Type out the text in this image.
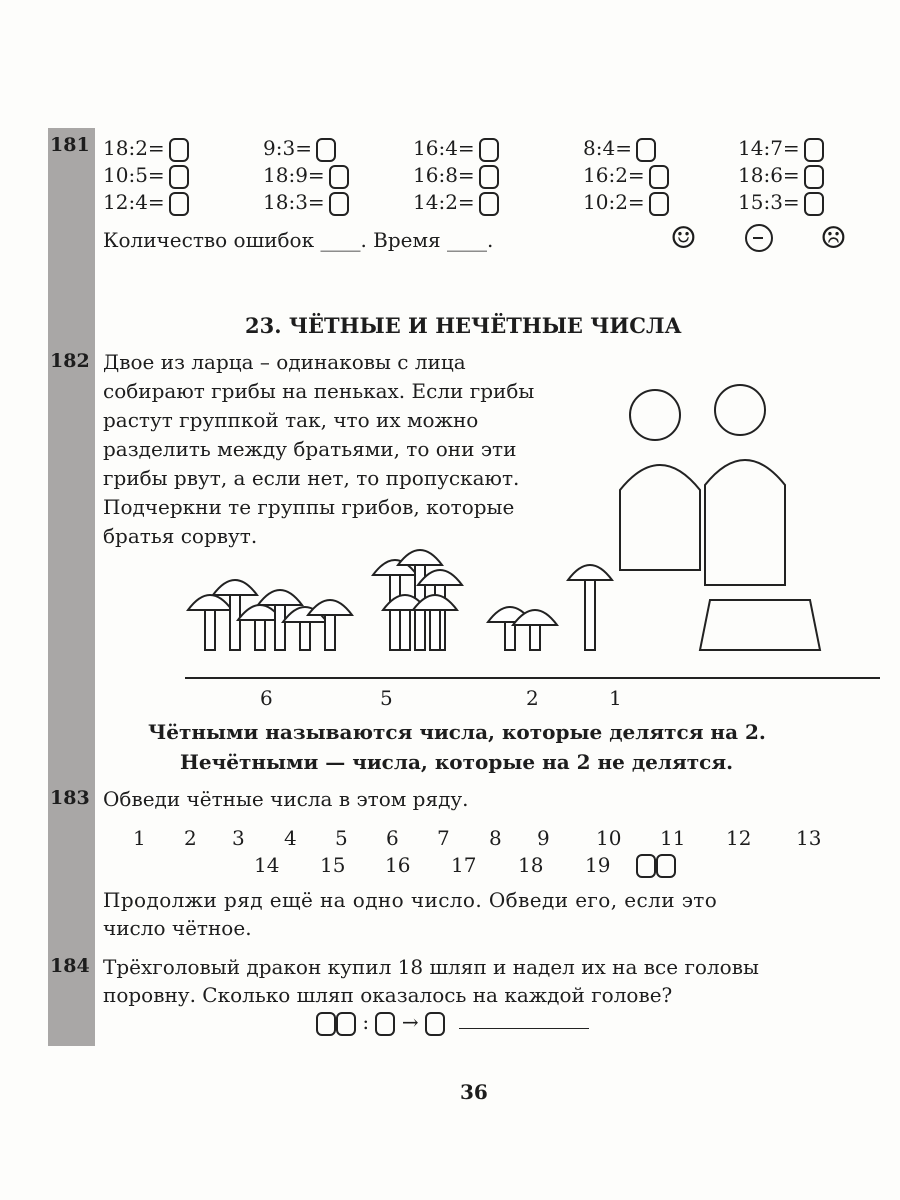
181 18:2=	9:3=	16:4=	8:4=	14:7=
10:5=	18:9=	16:8=	16:2=	18:6=
12:4=	18:3=	14:2=	10:2=	15:3=
Количество ошибок ____. Время ____.	☺	☹
23. ЧЁТНЫЕ И НЕЧЁТНЫЕ ЧИСЛА
182 Двое из ларца – одинаковы с лица
собирают грибы на пеньках. Если грибы
растут группкой так, что их можно
разделить между братьями, то они эти
грибы рвут, а если нет, то пропускают.
Подчеркни те группы грибов, которые
братья сорвут.
6	5	2	1
Чётными называются числа, которые делятся на 2.
Нечётными — числа, которые на 2 не делятся.
183 Обведи чётные числа в этом ряду.
1 2 3 4 5 6 7 8 9 10 11 12 13
14 15 16 17 18 19
Продолжи ряд ещё на одно число. Обведи его, если это
число чётное.
184 Трёхголовый дракон купил 18 шляп и надел их на все головы
поровну. Сколько шляп оказалось на каждой голове?
: →
36
